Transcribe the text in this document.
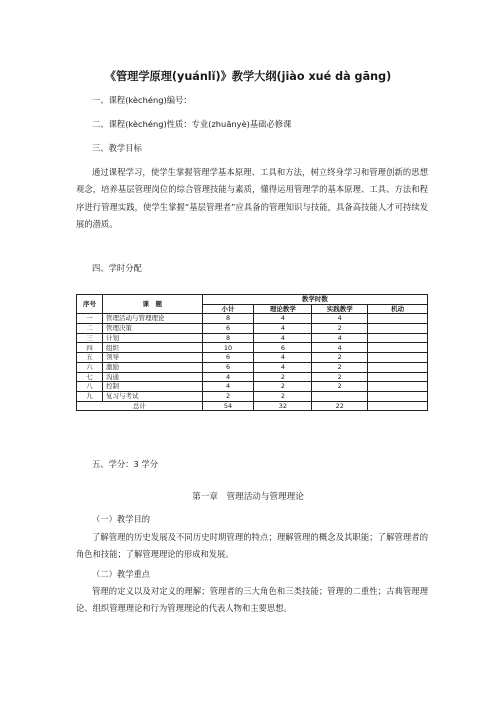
《管理学原理(yuánlǐ)》教学大纲(jiào xué dà gāng)
一、课程(kèchéng)编号：
二、课程(kèchéng)性质：专业(zhuānyè)基础必修课
三、教学目标
通过课程学习，使学生掌握管理学基本原理、工具和方法，树立终身学习和管理创新的思想观念，培养基层管理岗位的综合管理技能与素质，懂得运用管理学的基本原理、工具、方法和程序进行管理实践，使学生掌握“基层管理者”应具备的管理知识与技能，具备高技能人才可持续发展的潜质。
四、学时分配
序号	课　题	教学时数			
		小计	理论教学	实践教学	机动
一	管理活动与管理理论	8	4	4	
二	管理决策	6	4	2	
三	计划	8	4	4	
四	组织	10	6	4	
五	领导	6	4	2	
六	激励	6	4	2	
七	沟通	4	2	2	
八	控制	4	2	2	
九	复习与考试	2	2		
总计		54	32	22	
五、学分：3 学分
第一章　管理活动与管理理论
（一）教学目的
了解管理的历史发展及不同历史时期管理的特点；理解管理的概念及其职能；了解管理者的角色和技能；了解管理理论的形成和发展。
（二）教学重点
管理的定义以及对定义的理解；管理者的三大角色和三类技能；管理的二重性；古典管理理论、组织管理理论和行为管理理论的代表人物和主要思想。
